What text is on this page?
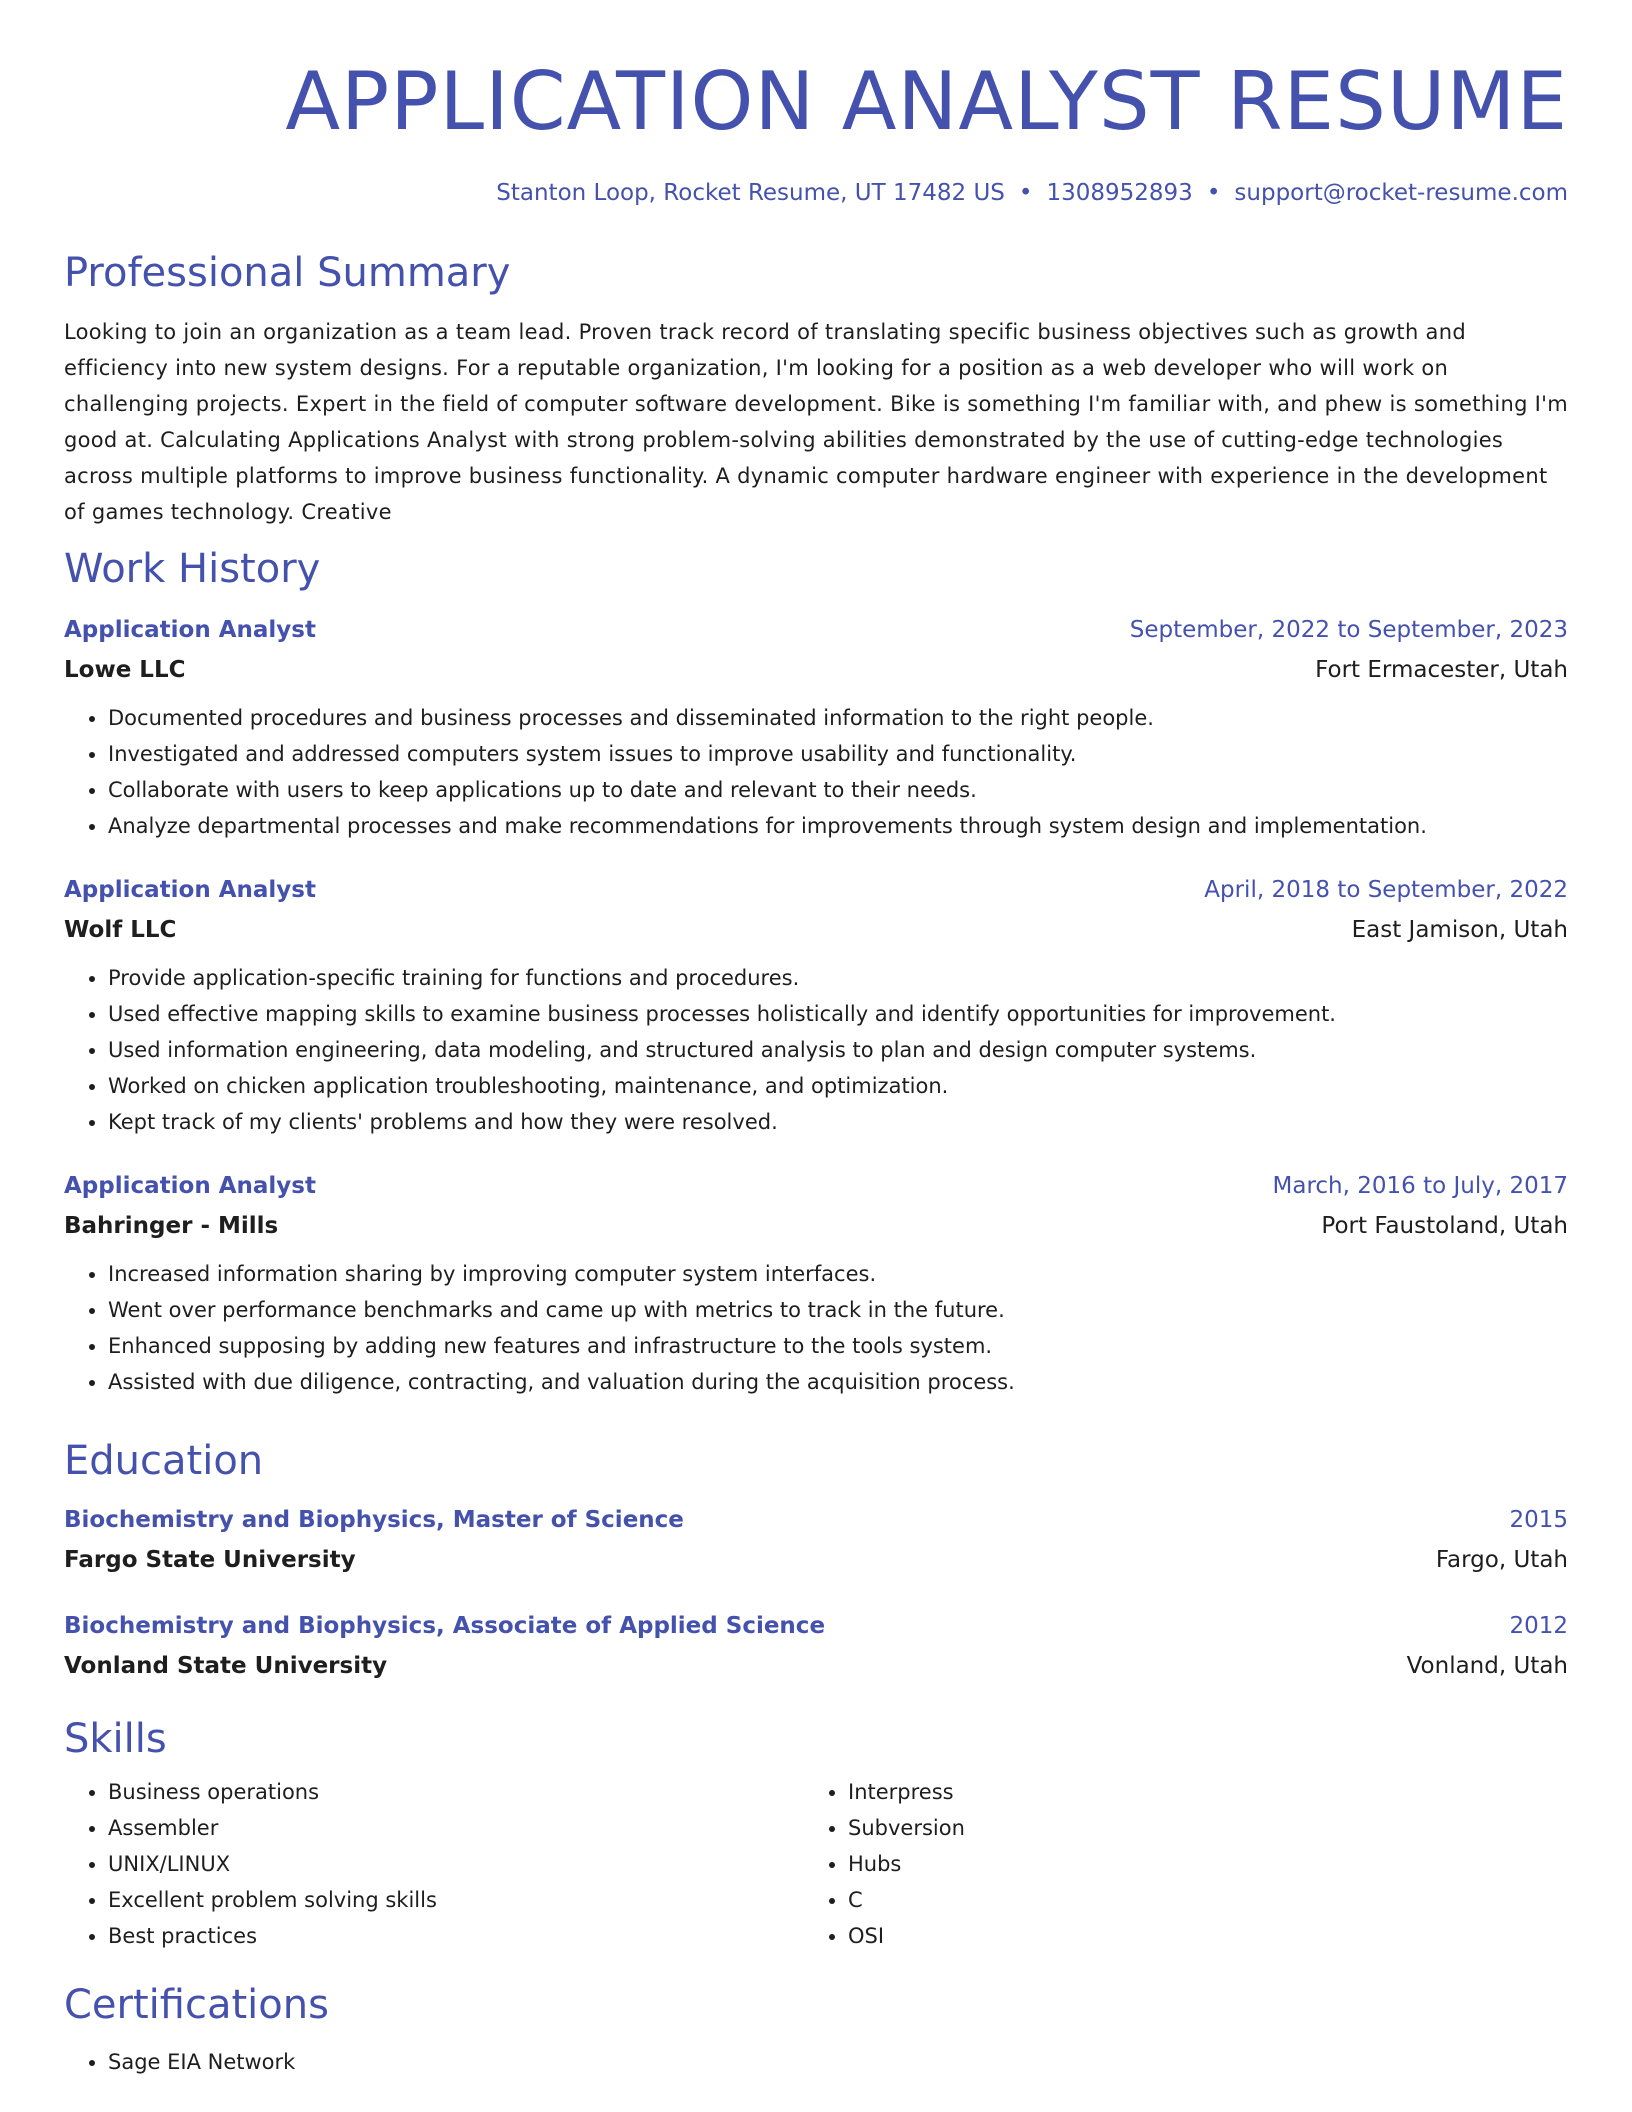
APPLICATION ANALYST RESUME
Stanton Loop, Rocket Resume, UT 17482 US • 1308952893 • support@rocket-resume.com
Professional Summary
Looking to join an organization as a team lead. Proven track record of translating specific business objectives such as growth and efficiency into new system designs. For a reputable organization, I'm looking for a position as a web developer who will work on challenging projects. Expert in the field of computer software development. Bike is something I'm familiar with, and phew is something I'm good at. Calculating Applications Analyst with strong problem-solving abilities demonstrated by the use of cutting-edge technologies across multiple platforms to improve business functionality. A dynamic computer hardware engineer with experience in the development of games technology. Creative
Work History
Application Analyst	September, 2022 to September, 2023
Lowe LLC	Fort Ermacester, Utah
• Documented procedures and business processes and disseminated information to the right people.
• Investigated and addressed computers system issues to improve usability and functionality.
• Collaborate with users to keep applications up to date and relevant to their needs.
• Analyze departmental processes and make recommendations for improvements through system design and implementation.
Application Analyst	April, 2018 to September, 2022
Wolf LLC	East Jamison, Utah
• Provide application-specific training for functions and procedures.
• Used effective mapping skills to examine business processes holistically and identify opportunities for improvement.
• Used information engineering, data modeling, and structured analysis to plan and design computer systems.
• Worked on chicken application troubleshooting, maintenance, and optimization.
• Kept track of my clients' problems and how they were resolved.
Application Analyst	March, 2016 to July, 2017
Bahringer - Mills	Port Faustoland, Utah
• Increased information sharing by improving computer system interfaces.
• Went over performance benchmarks and came up with metrics to track in the future.
• Enhanced supposing by adding new features and infrastructure to the tools system.
• Assisted with due diligence, contracting, and valuation during the acquisition process.
Education
Biochemistry and Biophysics, Master of Science	2015
Fargo State University	Fargo, Utah
Biochemistry and Biophysics, Associate of Applied Science	2012
Vonland State University	Vonland, Utah
Skills
• Business operations
• Assembler
• UNIX/LINUX
• Excellent problem solving skills
• Best practices
• Interpress
• Subversion
• Hubs
• C
• OSI
Certifications
• Sage EIA Network
